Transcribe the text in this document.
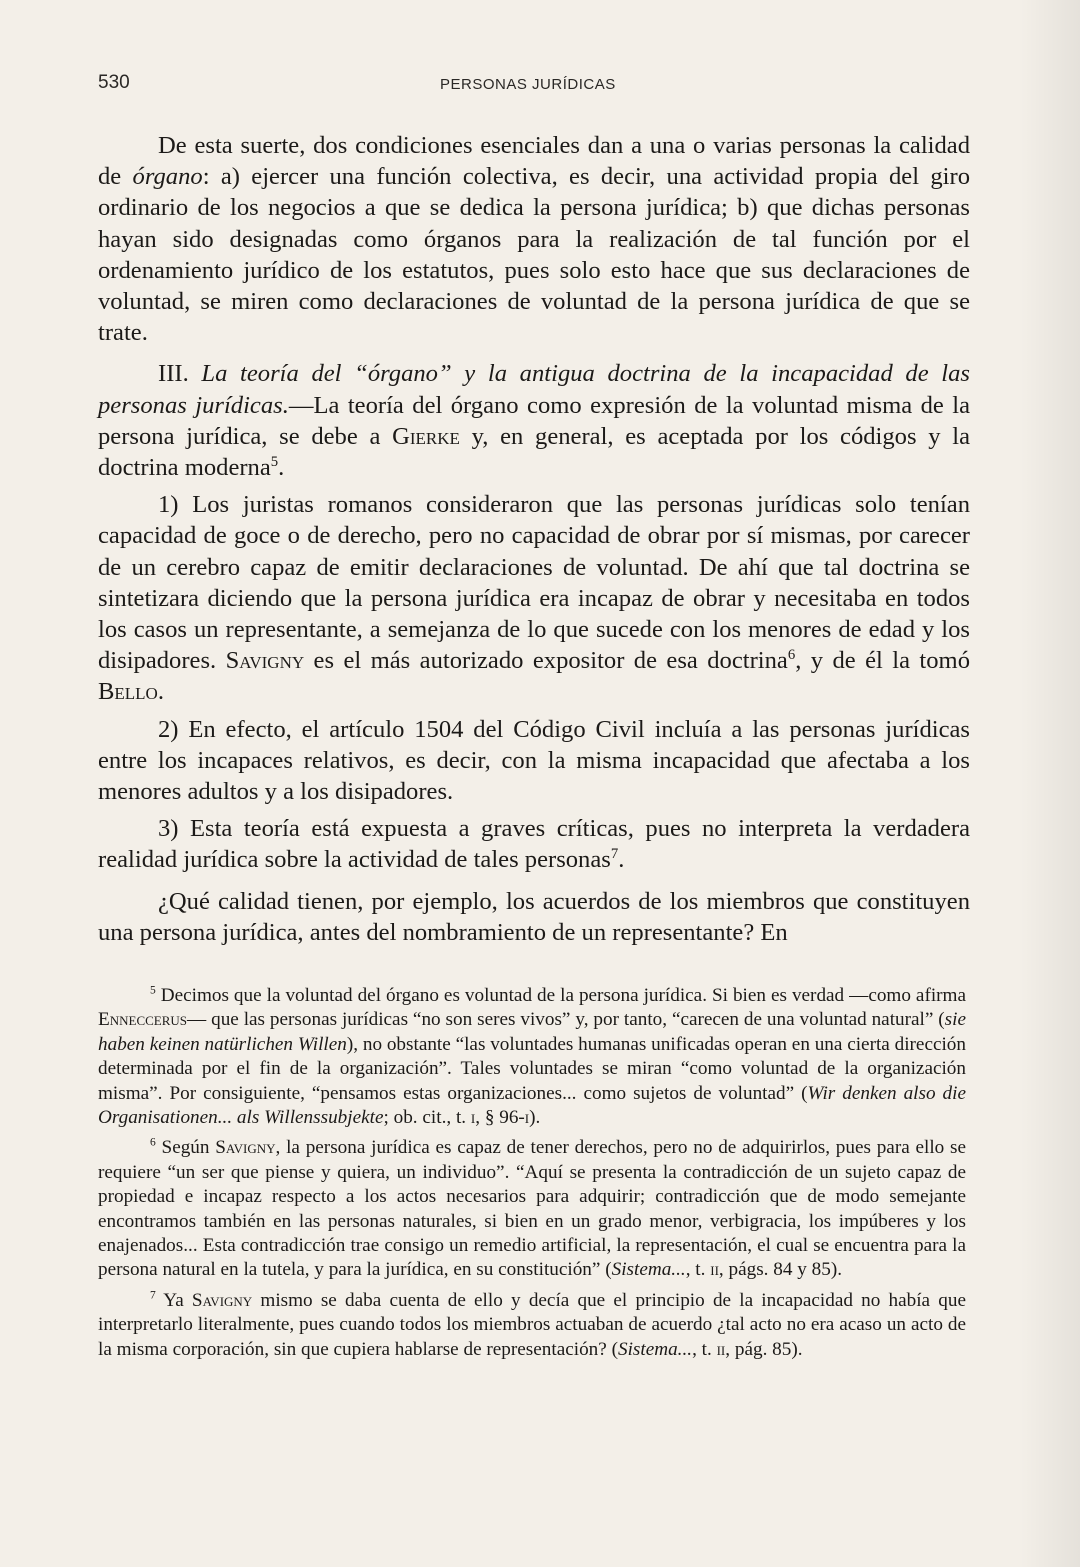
530	PERSONAS JURÍDICAS

De esta suerte, dos condiciones esenciales dan a una o varias personas la calidad de órgano: a) ejercer una función colectiva, es decir, una actividad propia del giro ordinario de los negocios a que se dedica la persona jurídica; b) que dichas personas hayan sido designadas como órganos para la realización de tal función por el ordenamiento jurídico de los estatutos, pues solo esto hace que sus declaraciones de voluntad, se miren como declaraciones de voluntad de la persona jurídica de que se trate.

III. La teoría del “órgano” y la antigua doctrina de la incapacidad de las personas jurídicas.—La teoría del órgano como expresión de la voluntad misma de la persona jurídica, se debe a Gierke y, en general, es aceptada por los códigos y la doctrina moderna$^5$.

1) Los juristas romanos consideraron que las personas jurídicas solo tenían capacidad de goce o de derecho, pero no capacidad de obrar por sí mismas, por carecer de un cerebro capaz de emitir declaraciones de voluntad. De ahí que tal doctrina se sintetizara diciendo que la persona jurídica era incapaz de obrar y necesitaba en todos los casos un representante, a semejanza de lo que sucede con los menores de edad y los disipadores. Savigny es el más autorizado expositor de esa doctrina$^6$, y de él la tomó Bello.

2) En efecto, el artículo 1504 del Código Civil incluía a las personas jurídicas entre los incapaces relativos, es decir, con la misma incapacidad que afectaba a los menores adultos y a los disipadores.

3) Esta teoría está expuesta a graves críticas, pues no interpreta la verdadera realidad jurídica sobre la actividad de tales personas$^7$.

¿Qué calidad tienen, por ejemplo, los acuerdos de los miembros que constituyen una persona jurídica, antes del nombramiento de un representante? En

$^5$ Decimos que la voluntad del órgano es voluntad de la persona jurídica. Si bien es verdad —como afirma Enneccerus— que las personas jurídicas “no son seres vivos” y, por tanto, “carecen de una voluntad natural” (sie haben keinen natürlichen Willen), no obstante “las voluntades humanas unificadas operan en una cierta dirección determinada por el fin de la organización”. Tales voluntades se miran “como voluntad de la organización misma”. Por consiguiente, “pensamos estas organizaciones... como sujetos de voluntad” (Wir denken also die Organisationen... als Willenssubjekte; ob. cit., t. i, § 96-i).

$^6$ Según Savigny, la persona jurídica es capaz de tener derechos, pero no de adquirirlos, pues para ello se requiere “un ser que piense y quiera, un individuo”. “Aquí se presenta la contradicción de un sujeto capaz de propiedad e incapaz respecto a los actos necesarios para adquirir; contradicción que de modo semejante encontramos también en las personas naturales, si bien en un grado menor, verbigracia, los impúberes y los enajenados... Esta contradicción trae consigo un remedio artificial, la representación, el cual se encuentra para la persona natural en la tutela, y para la jurídica, en su constitución” (Sistema..., t. ii, págs. 84 y 85).

$^7$ Ya Savigny mismo se daba cuenta de ello y decía que el principio de la incapacidad no había que interpretarlo literalmente, pues cuando todos los miembros actuaban de acuerdo ¿tal acto no era acaso un acto de la misma corporación, sin que cupiera hablarse de representación? (Sistema..., t. ii, pág. 85).
